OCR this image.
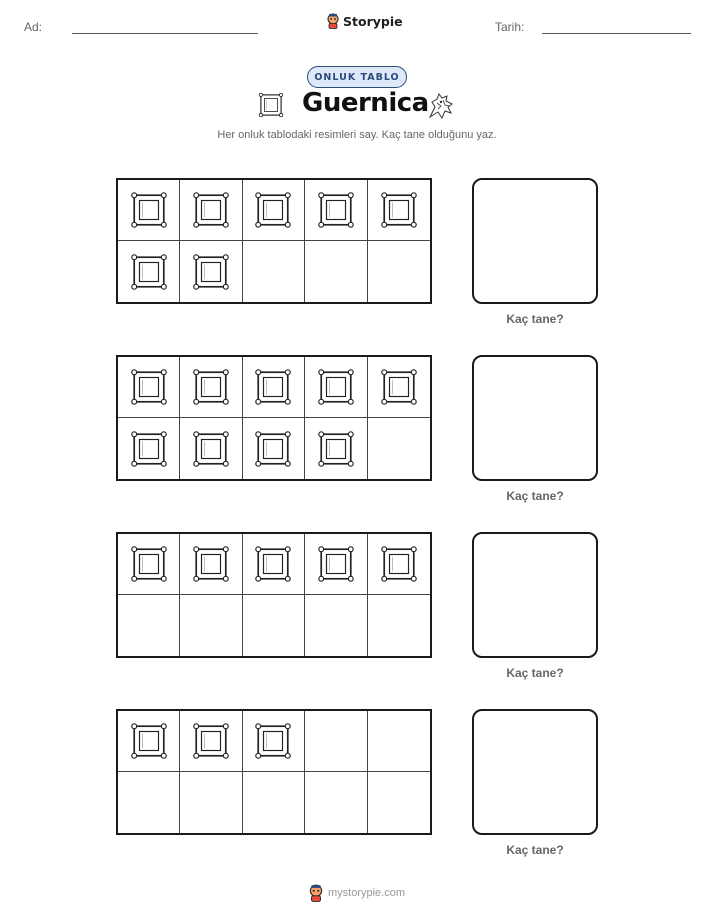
Ad:	Storypie	Tarih:
ONLUK TABLO
Guernica
Her onluk tablodaki resimleri say. Kaç tane olduğunu yaz.
Kaç tane?
Kaç tane?
Kaç tane?
Kaç tane?
mystorypie.com
